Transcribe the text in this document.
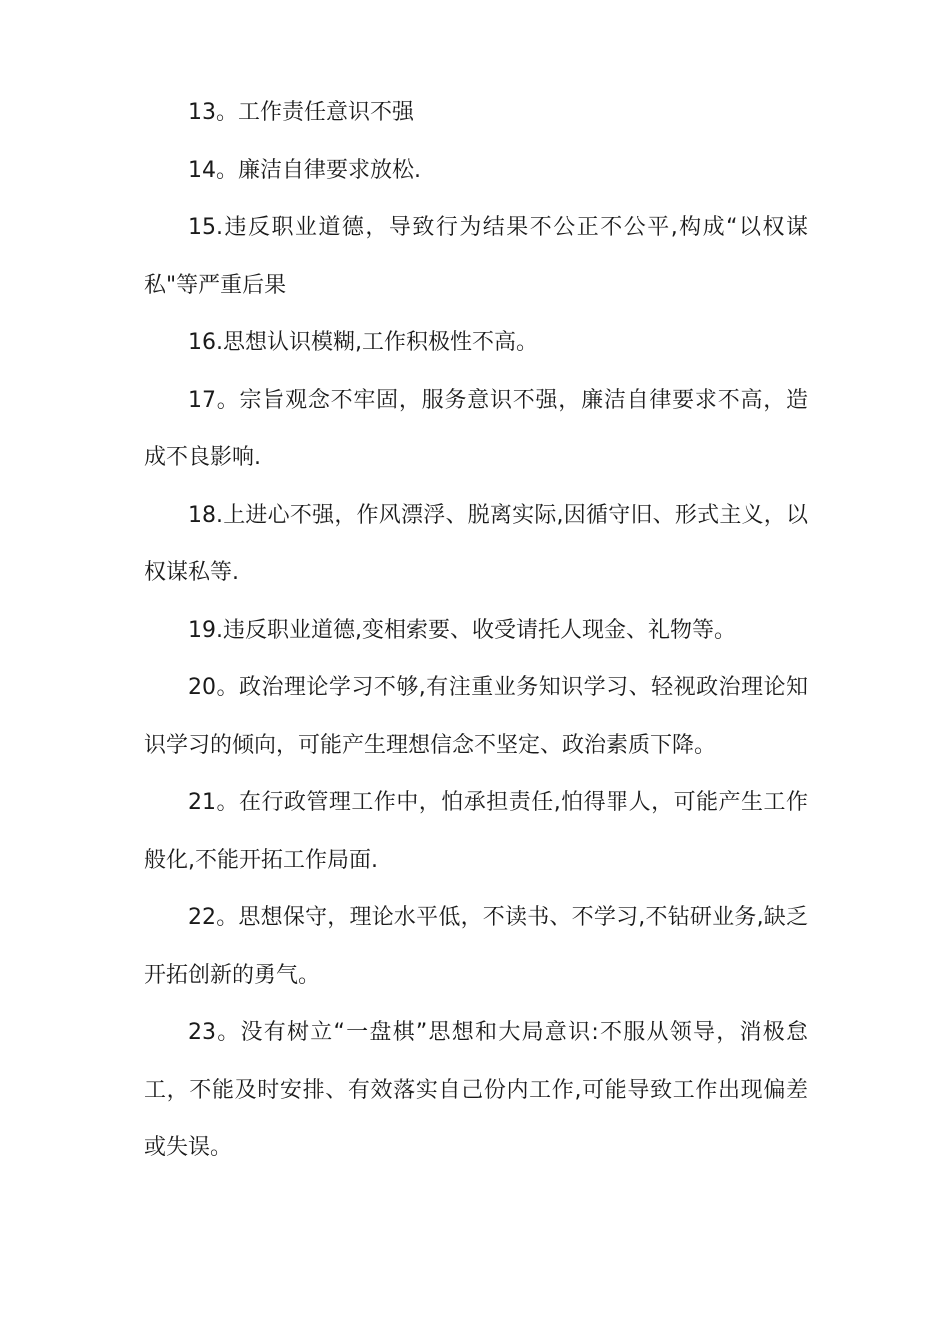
13。工作责任意识不强

14。廉洁自律要求放松.

15.违反职业道德，导致行为结果不公正不公平,构成“以权谋私"等严重后果

16.思想认识模糊,工作积极性不高。

17。宗旨观念不牢固，服务意识不强，廉洁自律要求不高，造成不良影响.

18.上进心不强，作风漂浮、脱离实际,因循守旧、形式主义，以权谋私等.

19.违反职业道德,变相索要、收受请托人现金、礼物等。

20。政治理论学习不够,有注重业务知识学习、轻视政治理论知识学习的倾向，可能产生理想信念不坚定、政治素质下降。

21。在行政管理工作中，怕承担责任,怕得罪人，可能产生工作般化,不能开拓工作局面.

22。思想保守，理论水平低，不读书、不学习,不钻研业务,缺乏开拓创新的勇气。

23。没有树立“一盘棋”思想和大局意识:不服从领导，消极怠工，不能及时安排、有效落实自己份内工作,可能导致工作出现偏差或失误。
